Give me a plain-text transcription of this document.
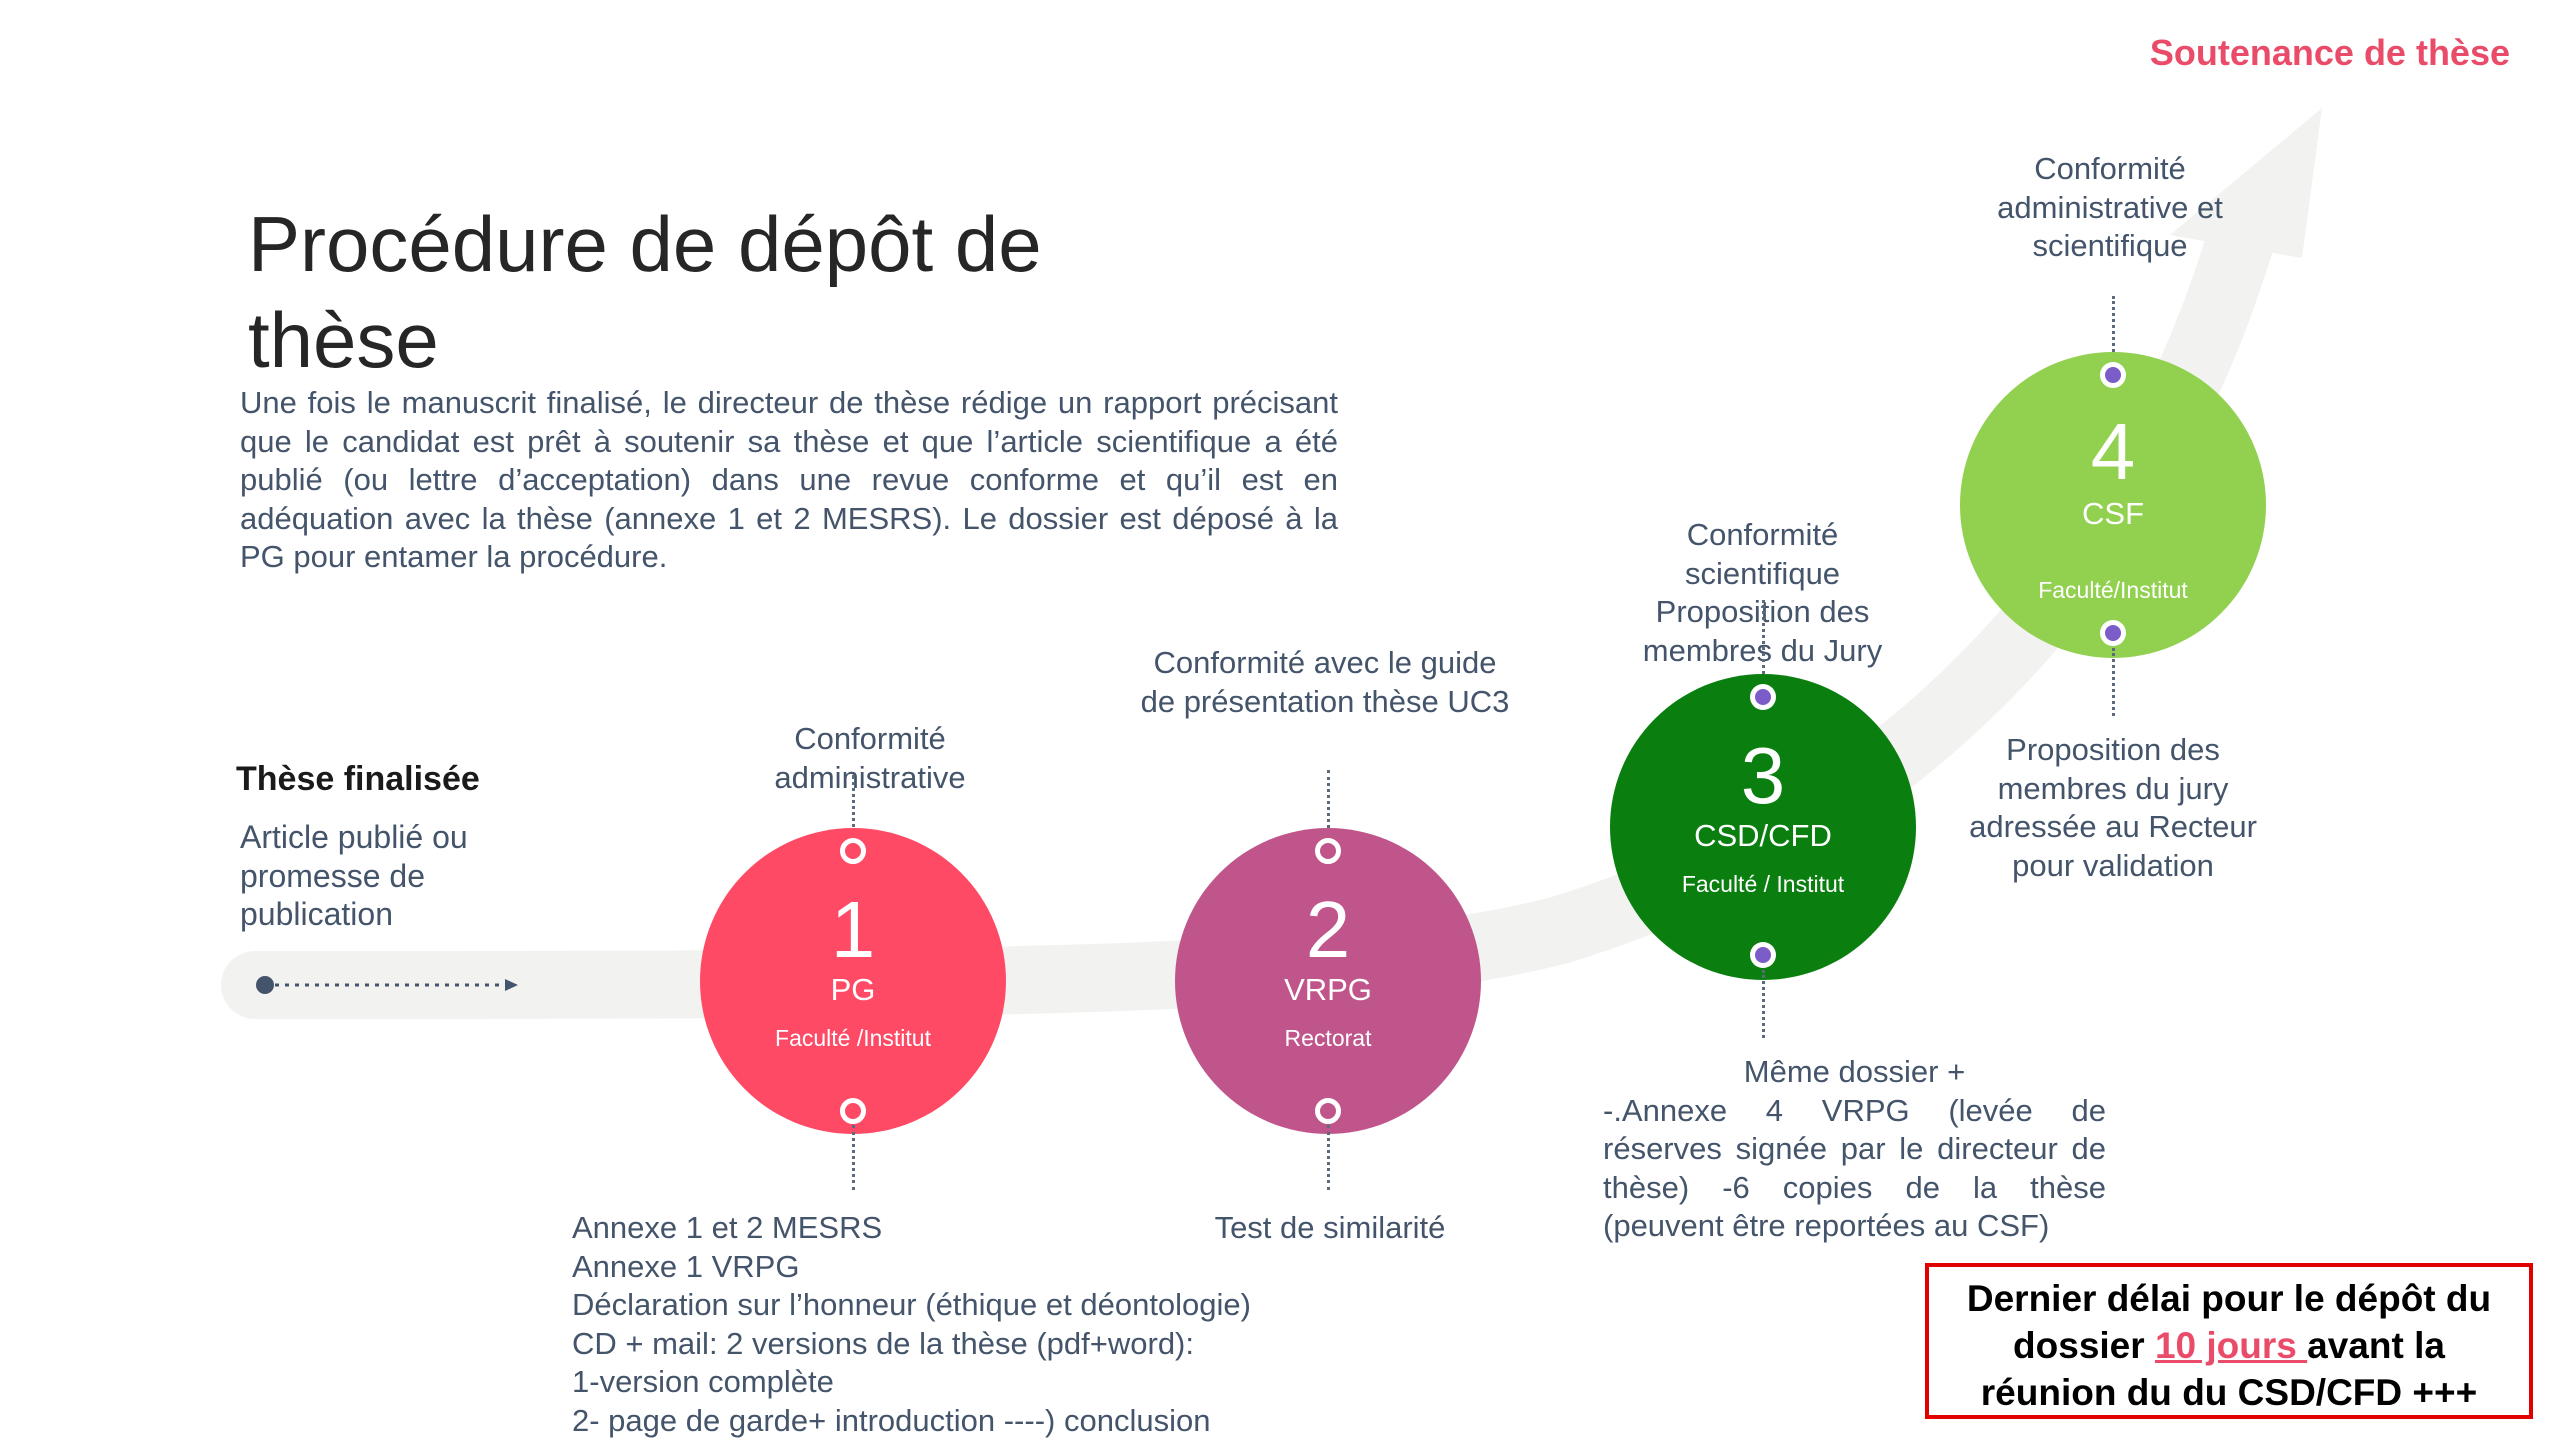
Procédure de dépôt de thèse
Une fois le manuscrit finalisé, le directeur de thèse rédige un rapport précisant que le candidat est prêt à soutenir sa thèse et que l’article scientifique a été publié (ou lettre d’acceptation) dans une revue conforme et qu’il est en adéquation avec la thèse (annexe 1 et 2 MESRS). Le dossier est déposé à la PG pour entamer la procédure.
Soutenance de thèse
Thèse finalisée
Article publié ou promesse de publication
Conformité administrative
1
PG
Faculté /Institut
Annexe 1 et 2 MESRS
Annexe 1 VRPG
Déclaration sur l’honneur (éthique et déontologie)
CD + mail: 2 versions de la thèse (pdf+word):
1-version complète
2- page de garde+ introduction ----) conclusion
Conformité avec le guide de présentation thèse UC3
2
VRPG
Rectorat
Test de similarité
Conformité scientifique Proposition des membres du Jury
3
CSD/CFD
Faculté / Institut
Même dossier +
-.Annexe 4 VRPG (levée de réserves signée par le directeur de thèse) -6 copies de la thèse (peuvent être reportées au CSF)
Conformité administrative et scientifique
4
CSF
Faculté/Institut
Proposition des membres du jury adressée au Recteur pour validation
Dernier délai pour le dépôt du
dossier 10 jours avant la
réunion du du CSD/CFD +++
